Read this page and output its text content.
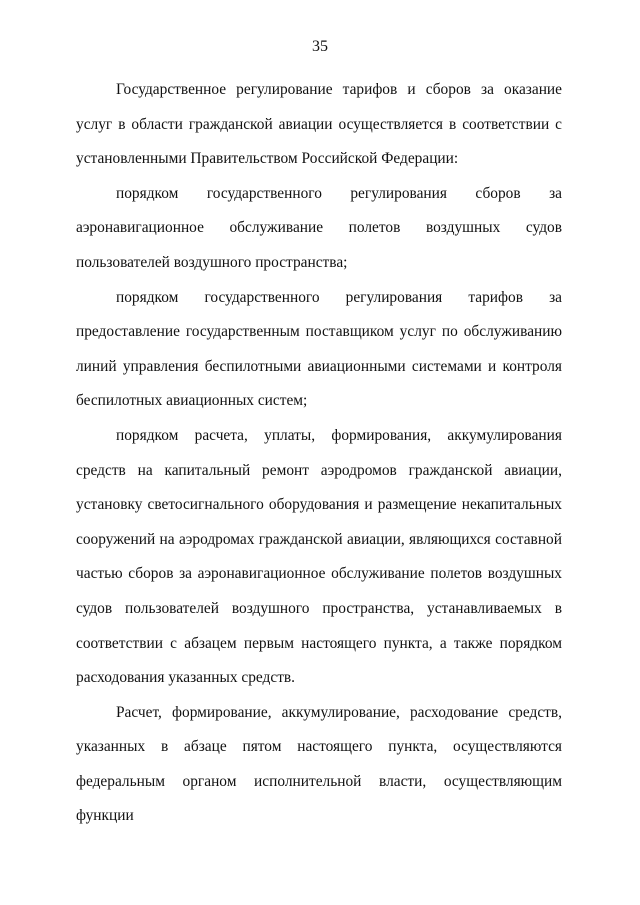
35

Государственное регулирование тарифов и сборов за оказание услуг в области гражданской авиации осуществляется в соответствии с установленными Правительством Российской Федерации:

порядком государственного регулирования сборов за аэронавигационное обслуживание полетов воздушных судов пользователей воздушного пространства;

порядком государственного регулирования тарифов за предоставление государственным поставщиком услуг по обслуживанию линий управления беспилотными авиационными системами и контроля беспилотных авиационных систем;

порядком расчета, уплаты, формирования, аккумулирования средств на капитальный ремонт аэродромов гражданской авиации, установку светосигнального оборудования и размещение некапитальных сооружений на аэродромах гражданской авиации, являющихся составной частью сборов за аэронавигационное обслуживание полетов воздушных судов пользователей воздушного пространства, устанавливаемых в соответствии с абзацем первым настоящего пункта, а также порядком расходования указанных средств.

Расчет, формирование, аккумулирование, расходование средств, указанных в абзаце пятом настоящего пункта, осуществляются федеральным органом исполнительной власти, осуществляющим функции
